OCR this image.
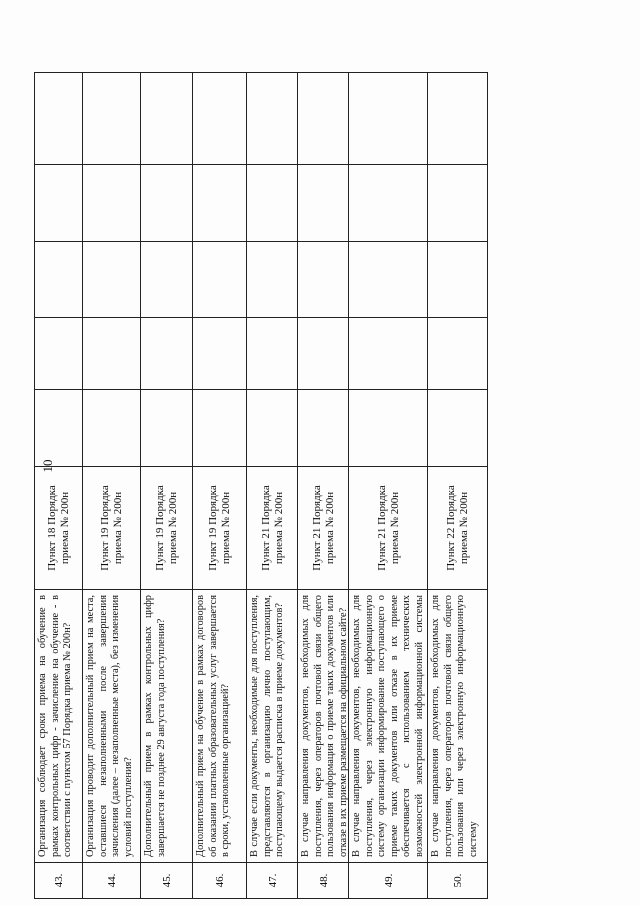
10
43.
Организация соблюдает сроки приема на обучение в рамках контрольных цифр - зачисление на обучение - в соответствии с пунктом 57 Порядка приема № 200н?
Пункт 18 Порядка приема № 200н
44.
Организация проводит дополнительный прием на места, оставшиеся незаполненными после завершения зачисления (далее – незаполненные места), без изменения условий поступления?
Пункт 19 Порядка приема № 200н
45.
Дополнительный прием в рамках контрольных цифр завершается не позднее 29 августа года поступления?
Пункт 19 Порядка приема № 200н
46.
Дополнительный прием на обучение в рамках договоров об оказании платных образовательных услуг завершается в сроки, установленные организацией?
Пункт 19 Порядка приема № 200н
47.
В случае если документы, необходимые для поступления, представляются в организацию лично поступающим, поступающему выдается расписка в приеме документов?
Пункт 21 Порядка приема № 200н
48.
В случае направления документов, необходимых для поступления, через операторов почтовой связи общего пользования информация о приеме таких документов или отказе в их приеме размещается на официальном сайте?
Пункт 21 Порядка приема № 200н
49.
В случае направления документов, необходимых для поступления, через электронную информационную систему организации информирование поступающего о приеме таких документов или отказе в их приеме обеспечивается с использованием технических возможностей электронной информационной системы
Пункт 21 Порядка приема № 200н
50.
В случае направления документов, необходимых для поступления, через операторов почтовой связи общего пользования или через электронную информационную систему
Пункт 22 Порядка приема № 200н
